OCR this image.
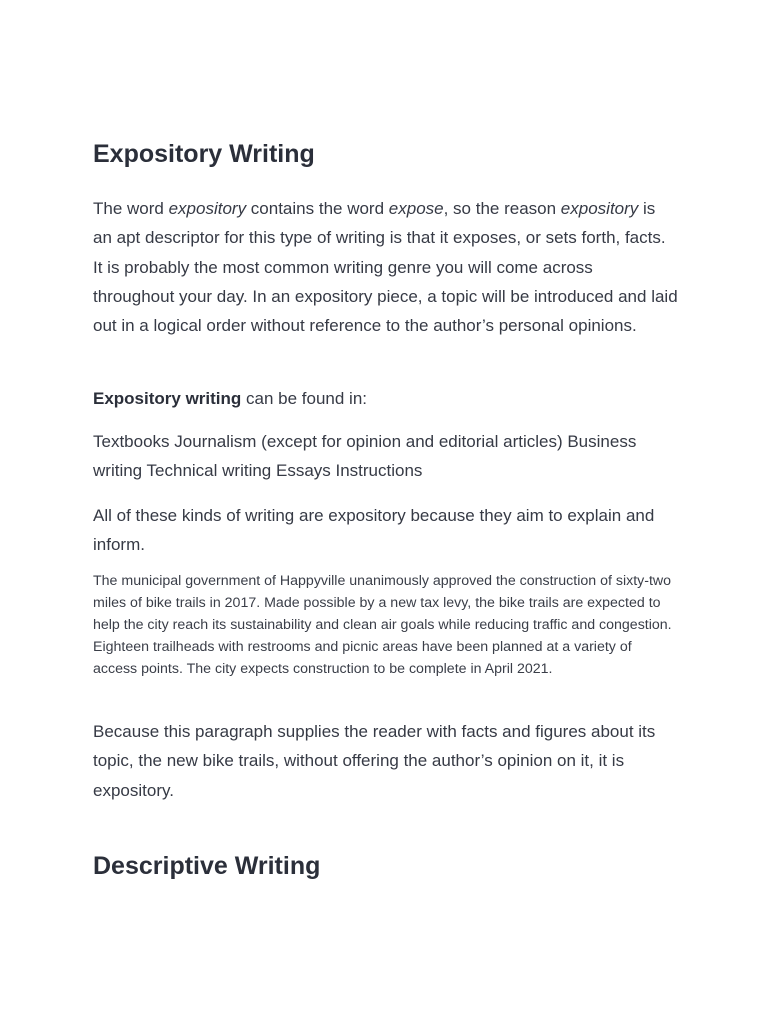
Expository Writing

The word expository contains the word expose, so the reason expository is an apt descriptor for this type of writing is that it exposes, or sets forth, facts. It is probably the most common writing genre you will come across throughout your day. In an expository piece, a topic will be introduced and laid out in a logical order without reference to the author’s personal opinions.

Expository writing can be found in:

Textbooks Journalism (except for opinion and editorial articles) Business writing Technical writing Essays Instructions

All of these kinds of writing are expository because they aim to explain and inform.

The municipal government of Happyville unanimously approved the construction of sixty-two miles of bike trails in 2017. Made possible by a new tax levy, the bike trails are expected to help the city reach its sustainability and clean air goals while reducing traffic and congestion. Eighteen trailheads with restrooms and picnic areas have been planned at a variety of access points. The city expects construction to be complete in April 2021.

Because this paragraph supplies the reader with facts and figures about its topic, the new bike trails, without offering the author’s opinion on it, it is expository.

Descriptive Writing
